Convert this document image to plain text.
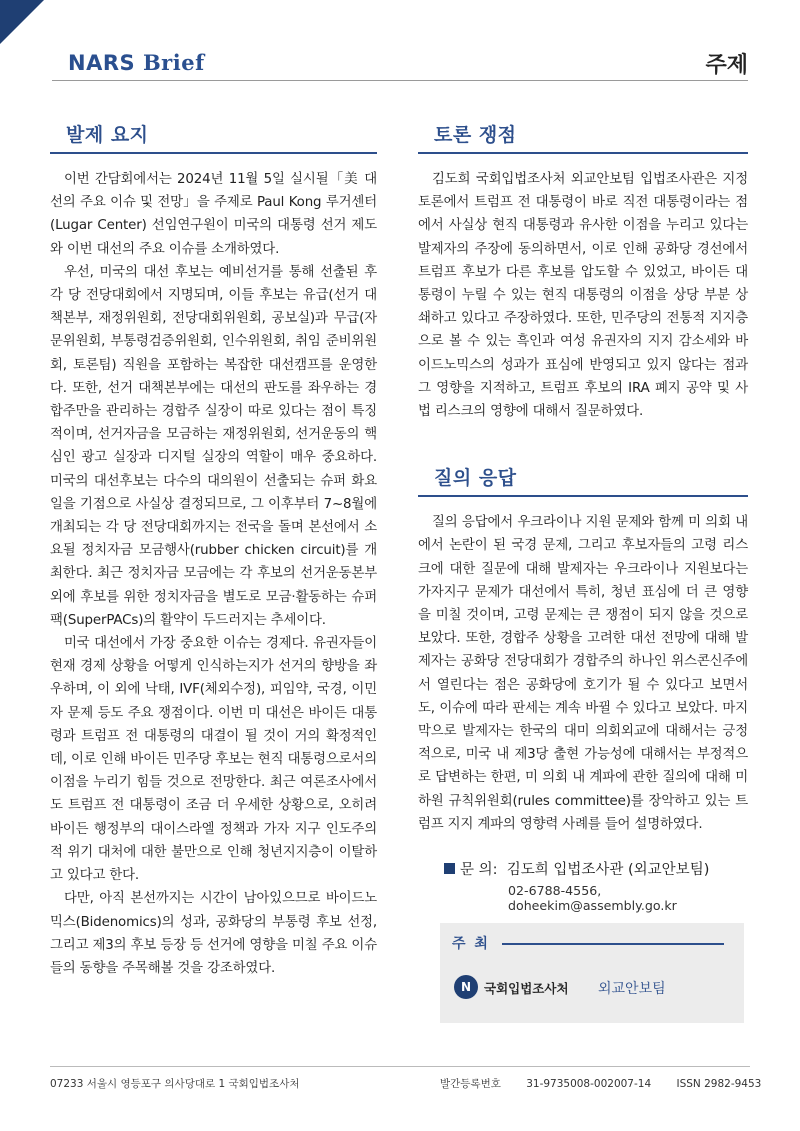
NARS Brief	주제
발제 요지

이번 간담회에서는 2024년 11월 5일 실시될「美 대선의 주요 이슈 및 전망」을 주제로 Paul Kong 루거센터(Lugar Center) 선임연구원이 미국의 대통령 선거 제도와 이번 대선의 주요 이슈를 소개하였다.

우선, 미국의 대선 후보는 예비선거를 통해 선출된 후 각 당 전당대회에서 지명되며, 이들 후보는 유급(선거 대책본부, 재정위원회, 전당대회위원회, 공보실)과 무급(자문위원회, 부통령검증위원회, 인수위원회, 취임 준비위원회, 토론팀) 직원을 포함하는 복잡한 대선캠프를 운영한다. 또한, 선거 대책본부에는 대선의 판도를 좌우하는 경합주만을 관리하는 경합주 실장이 따로 있다는 점이 특징적이며, 선거자금을 모금하는 재정위원회, 선거운동의 핵심인 광고 실장과 디지털 실장의 역할이 매우 중요하다. 미국의 대선후보는 다수의 대의원이 선출되는 슈퍼 화요일을 기점으로 사실상 결정되므로, 그 이후부터 7~8월에 개최되는 각 당 전당대회까지는 전국을 돌며 본선에서 소요될 정치자금 모금행사(rubber chicken circuit)를 개최한다. 최근 정치자금 모금에는 각 후보의 선거운동본부 외에 후보를 위한 정치자금을 별도로 모금·활동하는 슈퍼팩(SuperPACs)의 활약이 두드러지는 추세이다.

미국 대선에서 가장 중요한 이슈는 경제다. 유권자들이 현재 경제 상황을 어떻게 인식하는지가 선거의 향방을 좌우하며, 이 외에 낙태, IVF(체외수정), 피임약, 국경, 이민자 문제 등도 주요 쟁점이다. 이번 미 대선은 바이든 대통령과 트럼프 전 대통령의 대결이 될 것이 거의 확정적인데, 이로 인해 바이든 민주당 후보는 현직 대통령으로서의 이점을 누리기 힘들 것으로 전망한다. 최근 여론조사에서도 트럼프 전 대통령이 조금 더 우세한 상황으로, 오히려 바이든 행정부의 대이스라엘 정책과 가자 지구 인도주의적 위기 대처에 대한 불만으로 인해 청년지지층이 이탈하고 있다고 한다.

다만, 아직 본선까지는 시간이 남아있으므로 바이드노믹스(Bidenomics)의 성과, 공화당의 부통령 후보 선정, 그리고 제3의 후보 등장 등 선거에 영향을 미칠 주요 이슈들의 동향을 주목해볼 것을 강조하였다.

토론 쟁점

김도희 국회입법조사처 외교안보팀 입법조사관은 지정토론에서 트럼프 전 대통령이 바로 직전 대통령이라는 점에서 사실상 현직 대통령과 유사한 이점을 누리고 있다는 발제자의 주장에 동의하면서, 이로 인해 공화당 경선에서 트럼프 후보가 다른 후보를 압도할 수 있었고, 바이든 대통령이 누릴 수 있는 현직 대통령의 이점을 상당 부분 상쇄하고 있다고 주장하였다. 또한, 민주당의 전통적 지지층으로 볼 수 있는 흑인과 여성 유권자의 지지 감소세와 바이드노믹스의 성과가 표심에 반영되고 있지 않다는 점과 그 영향을 지적하고, 트럼프 후보의 IRA 폐지 공약 및 사법 리스크의 영향에 대해서 질문하였다.

질의 응답

질의 응답에서 우크라이나 지원 문제와 함께 미 의회 내에서 논란이 된 국경 문제, 그리고 후보자들의 고령 리스크에 대한 질문에 대해 발제자는 우크라이나 지원보다는 가자지구 문제가 대선에서 특히, 청년 표심에 더 큰 영향을 미칠 것이며, 고령 문제는 큰 쟁점이 되지 않을 것으로 보았다. 또한, 경합주 상황을 고려한 대선 전망에 대해 발제자는 공화당 전당대회가 경합주의 하나인 위스콘신주에서 열린다는 점은 공화당에 호기가 될 수 있다고 보면서도, 이슈에 따라 판세는 계속 바뀔 수 있다고 보았다. 마지막으로 발제자는 한국의 대미 의회외교에 대해서는 긍정적으로, 미국 내 제3당 출현 가능성에 대해서는 부정적으로 답변하는 한편, 미 의회 내 계파에 관한 질의에 대해 미 하원 규칙위원회(rules committee)를 장악하고 있는 트럼프 지지 계파의 영향력 사례를 들어 설명하였다.

문 의: 김도희 입법조사관 (외교안보팀)
02-6788-4556, doheekim@assembly.go.kr
주 최
N	국회입법조사처 외교안보팀
07233 서울시 영등포구 의사당대로 1 국회입법조사처	발간등록번호 31-9735008-002007-14 ISSN 2982-9453
